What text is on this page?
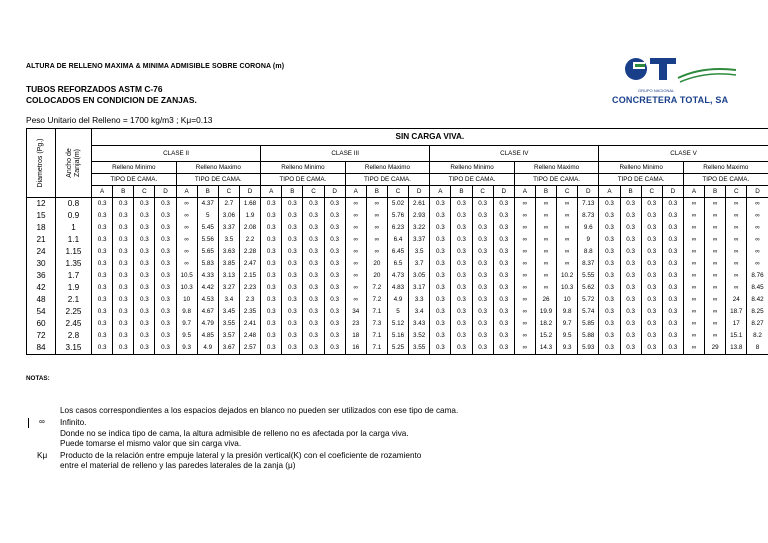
ALTURA DE RELLENO MAXIMA & MINIMA ADMISIBLE SOBRE CORONA (m)
GRUPO NACIONAL
CONCRETERA TOTAL, SA
TUBOS REFORZADOS ASTM C-76
COLOCADOS EN CONDICION DE ZANJAS.
Peso Unitario del Relleno = 1700 kg/m3 ; Kμ=0.13
Diametros (Pg.)	Ancho de Zanja(m)	SIN CARGA VIVA.																															
		CLASE II								CLASE III								CLASE IV								CLASE V							
		Relleno Minimo				Relleno Maximo				Relleno Minimo				Relleno Maximo				Relleno Minimo				Relleno Maximo				Relleno Minimo				Relleno Maximo			
		TIPO DE CAMA.				TIPO DE CAMA.				TIPO DE CAMA.				TIPO DE CAMA.				TIPO DE CAMA.				TIPO DE CAMA.				TIPO DE CAMA.				TIPO DE CAMA.			
		A	B	C	D	A	B	C	D	A	B	C	D	A	B	C	D	A	B	C	D	A	B	C	D	A	B	C	D	A	B	C	D
12	0.8	0.3	0.3	0.3	0.3	∞	4.37	2.7	1.68	0.3	0.3	0.3	0.3	∞	∞	5.02	2.61	0.3	0.3	0.3	0.3	∞	∞	∞	7.13	0.3	0.3	0.3	0.3	∞	∞	∞	∞
15	0.9	0.3	0.3	0.3	0.3	∞	5	3.06	1.9	0.3	0.3	0.3	0.3	∞	∞	5.76	2.93	0.3	0.3	0.3	0.3	∞	∞	∞	8.73	0.3	0.3	0.3	0.3	∞	∞	∞	∞
18	1	0.3	0.3	0.3	0.3	∞	5.45	3.37	2.08	0.3	0.3	0.3	0.3	∞	∞	6.23	3.22	0.3	0.3	0.3	0.3	∞	∞	∞	9.6	0.3	0.3	0.3	0.3	∞	∞	∞	∞
21	1.1	0.3	0.3	0.3	0.3	∞	5.56	3.5	2.2	0.3	0.3	0.3	0.3	∞	∞	6.4	3.37	0.3	0.3	0.3	0.3	∞	∞	∞	9	0.3	0.3	0.3	0.3	∞	∞	∞	∞
24	1.15	0.3	0.3	0.3	0.3	∞	5.65	3.63	2.28	0.3	0.3	0.3	0.3	∞	∞	6.45	3.5	0.3	0.3	0.3	0.3	∞	∞	∞	8.8	0.3	0.3	0.3	0.3	∞	∞	∞	∞
30	1.35	0.3	0.3	0.3	0.3	∞	5.83	3.85	2.47	0.3	0.3	0.3	0.3	∞	20	6.5	3.7	0.3	0.3	0.3	0.3	∞	∞	∞	8.37	0.3	0.3	0.3	0.3	∞	∞	∞	∞
36	1.7	0.3	0.3	0.3	0.3	10.5	4.33	3.13	2.15	0.3	0.3	0.3	0.3	∞	20	4.73	3.05	0.3	0.3	0.3	0.3	∞	∞	10.2	5.55	0.3	0.3	0.3	0.3	∞	∞	∞	8.76
42	1.9	0.3	0.3	0.3	0.3	10.3	4.42	3.27	2.23	0.3	0.3	0.3	0.3	∞	7.2	4.83	3.17	0.3	0.3	0.3	0.3	∞	∞	10.3	5.62	0.3	0.3	0.3	0.3	∞	∞	∞	8.45
48	2.1	0.3	0.3	0.3	0.3	10	4.53	3.4	2.3	0.3	0.3	0.3	0.3	∞	7.2	4.9	3.3	0.3	0.3	0.3	0.3	∞	26	10	5.72	0.3	0.3	0.3	0.3	∞	∞	24	8.42
54	2.25	0.3	0.3	0.3	0.3	9.8	4.67	3.45	2.35	0.3	0.3	0.3	0.3	34	7.1	5	3.4	0.3	0.3	0.3	0.3	∞	19.9	9.8	5.74	0.3	0.3	0.3	0.3	∞	∞	18.7	8.25
60	2.45	0.3	0.3	0.3	0.3	9.7	4.79	3.55	2.41	0.3	0.3	0.3	0.3	23	7.3	5.12	3.43	0.3	0.3	0.3	0.3	∞	18.2	9.7	5.85	0.3	0.3	0.3	0.3	∞	∞	17	8.27
72	2.8	0.3	0.3	0.3	0.3	9.5	4.85	3.57	2.48	0.3	0.3	0.3	0.3	18	7.1	5.16	3.52	0.3	0.3	0.3	0.3	∞	15.2	9.5	5.88	0.3	0.3	0.3	0.3	∞	∞	15.1	8.2
84	3.15	0.3	0.3	0.3	0.3	9.3	4.9	3.67	2.57	0.3	0.3	0.3	0.3	16	7.1	5.25	3.55	0.3	0.3	0.3	0.3	∞	14.3	9.3	5.93	0.3	0.3	0.3	0.3	∞	29	13.8	8
NOTAS:
Los casos correspondientes a los espacios dejados en blanco no pueden ser utilizados con ese tipo de cama.
∞ Infinito.
Donde no se indica tipo de cama, la altura admisible de relleno no es afectada por la carga viva.
Puede tomarse el mismo valor que sin carga viva.
Kμ Producto de la relación entre empuje lateral y la presión vertical(K) con el coeficiente de rozamiento
entre el material de relleno y las paredes laterales de la zanja (μ)
